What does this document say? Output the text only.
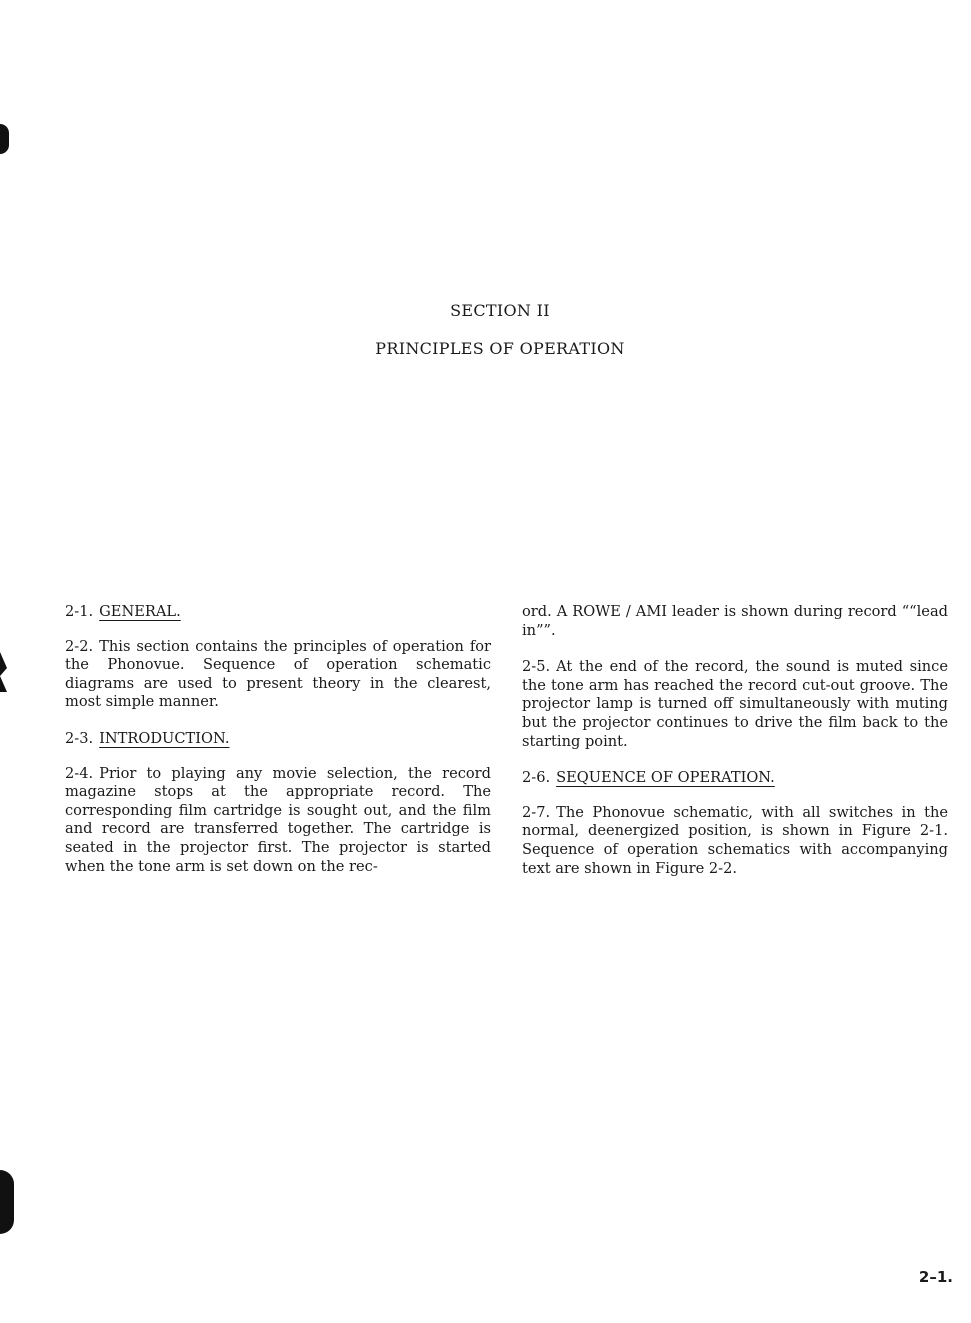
SECTION II
PRINCIPLES OF OPERATION

2-1. GENERAL.

2-2. This section contains the principles of operation for the Phonovue. Sequence of operation schematic diagrams are used to present theory in the clearest, most simple manner.

2-3. INTRODUCTION.

2-4. Prior to playing any movie selection, the record magazine stops at the appropriate record. The corresponding film cartridge is sought out, and the film and record are transferred together. The cartridge is seated in the projector first. The projector is started when the tone arm is set down on the rec-

ord. A ROWE / AMI leader is shown during record ““lead in””.

2-5. At the end of the record, the sound is muted since the tone arm has reached the record cut-out groove. The projector lamp is turned off simultaneously with muting but the projector continues to drive the film back to the starting point.

2-6. SEQUENCE OF OPERATION.

2-7. The Phonovue schematic, with all switches in the normal, deenergized position, is shown in Figure 2-1. Sequence of operation schematics with accompanying text are shown in Figure 2-2.

2–1.
